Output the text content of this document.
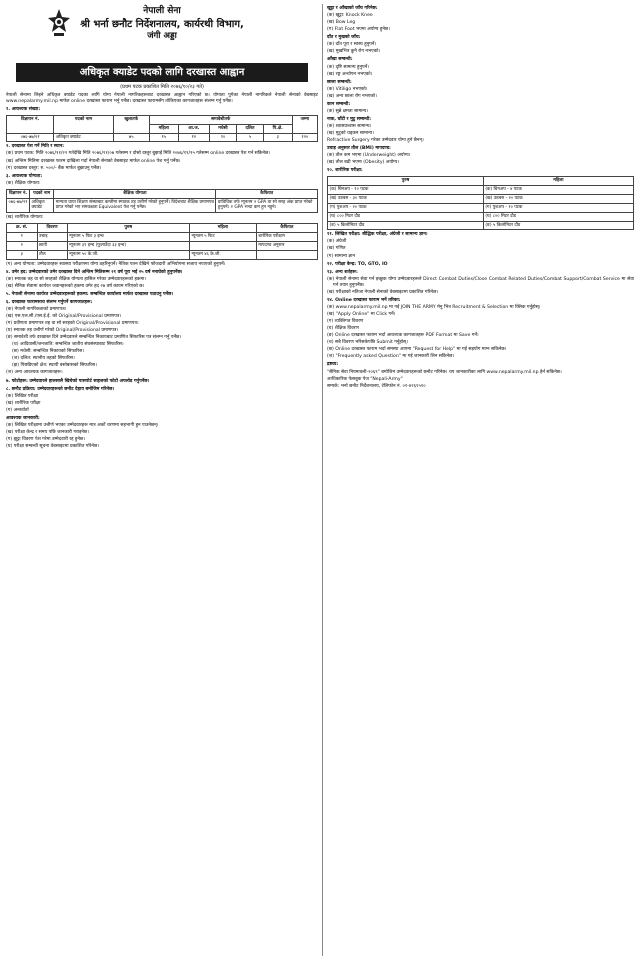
नेपाली सेना
श्री भर्ना छनौट निर्देशनालय, कार्यरथी विभाग,
जंगी अड्डा
अधिकृत क्याडेट पदको लागि दरखास्त आह्वान
(प्रथम पटक प्रकाशित मिति २०७६/१०/२३ गते)

नेपाली सेनामा लिइने अधिकृत क्याडेट पदका लागि योग्य नेपाली नागरिकहरूबाट दरखास्त आह्वान गरिएको छ। योग्यता पुगेका नेपाली नागरिकले नेपाली सेनाको वेबसाइट www.nepalarmy.mil.np मार्फत online दरखास्त फाराम भर्नु पर्नेछ। दरखास्त फारामसँग तोकिएका कागजातहरू संलग्न गर्नु पर्नेछ।

१. आवश्यक संख्या:

विज्ञापन नं.	पदको नाम	खुलातर्फ	समावेशीतर्फ					जम्मा
			महिला	आ.ज.	मधेसी	दलित	पि.क्षे.	
०७६-७७/२१	अधिकृत क्याडेट	७५	१५	१२	१०	५	३	१२०

२. दरखास्त पेश गर्ने मिति र स्थान:

(क) प्रथम पटक: मिति २०७६/११/२२ गतेदेखि मिति २०७६/११/०७ गतेसम्म र दोस्रो दस्तुर बुझाई मिति २०७६/११/१५ गतेसम्म online दरखास्त पेश गर्न सकिनेछ।

(ख) अन्तिम मितिमा दरखास्त फारम दाखिला गर्दा नेपाली सेनाको वेबसाइट मार्फत online पेश गर्नु पर्नेछ।

(ग) दरखास्त दस्तुर: रु. ५००/- बैंक मार्फत बुझाउनु पर्नेछ।

३. आवश्यक योग्यता:

(क) शैक्षिक योग्यता:

विज्ञापन नं.	पदको नाम	शैक्षिक योग्यता	कैफियत
०७६-७७/२१	अधिकृत क्याडेट	मान्यता प्राप्त शिक्षण संस्थाबाट कम्तीमा स्नातक तह उत्तीर्ण गरेको हुनुपर्ने। विदेशबाट शैक्षिक प्रमाणपत्र प्राप्त गरेको भए समकक्षता Equivalent पेश गर्नु पर्नेछ।	प्राविधिक तर्फ न्यूनतम २ GPA वा सो सरह अंक प्राप्त गरेको हुनुपर्ने। २ GPA भन्दा कम हुन नहुने।

(ख) शारीरिक योग्यता:

क्र. सं.	विवरण	पुरुष	महिला	कैफियत
१	उचाइ	न्यूनतम ५ फिट ३ इन्च	न्यूनतम ५ फिट	शारीरिक परीक्षण
२	छाती	न्यूनतम ३१ इन्च (फुलाउँदा ३३ इन्च)		मापदण्ड अनुसार
३	तौल	न्यूनतम ५० के.जी.	न्यूनतम ४६ के.जी.	

(ग) अन्य योग्यता: उम्मेदवारहरू स्वास्थ्य परीक्षणमा योग्य ठहरिनुपर्ने। नैतिक पतन देखिने फौजदारी अभियोगमा सजाय नपाएको हुनुपर्ने।

४. उमेर हद: उम्मेदवारको उमेर दरखास्त दिने अन्तिम मितिसम्म २१ वर्ष पूरा भई २५ वर्ष ननाघेको हुनुपर्नेछ।

(क) स्नातक तह वा सो सरहको शैक्षिक योग्यता हासिल गरेका उम्मेदवारहरूको हकमा।

(ख) सैनिक सेवामा कार्यरत जवानहरूको हकमा उमेर हद २७ वर्ष कायम गरिएको छ।

५. नेपाली सेनामा कार्यरत उम्मेदवारहरूको हकमा: सम्बन्धित कार्यालय मार्फत दरखास्त पठाउनु पर्नेछ।

६. दरखास्त फारामसाथ संलग्न गर्नुपर्ने कागजातहरू:

(क) नेपाली नागरिकताको प्रमाणपत्र।

(ख) एस.एल.सी./एस.ई.ई. को Original/Provisional प्रमाणपत्र।

(ग) प्रवीणता प्रमाणपत्र तह वा सो सरहको Original/Provisional प्रमाणपत्र।

(घ) स्नातक तह उत्तीर्ण गरेको Original/Provisional प्रमाणपत्र।

(ङ) समावेशी तर्फ दरखास्त दिने उम्मेदवारले सम्बन्धित निकायबाट प्रमाणित सिफारिस पत्र संलग्न गर्नु पर्नेछ।

(च) आदिवासी/जनजाति: सम्बन्धित जातीय संघसंस्थाबाट सिफारिस।

(छ) मधेसी: सम्बन्धित निकायको सिफारिस।

(ज) दलित: स्थानीय तहको सिफारिस।

(झ) पिछडिएको क्षेत्र: स्थायी बसोबासको सिफारिस।

(ञ) अन्य आवश्यक कागजातहरू।

७. फोटोहरू: उम्मेदवारले हालसालै खिचेको पासपोर्ट साइजको फोटो अपलोड गर्नुपर्नेछ।

८. छनौट प्रक्रिया: उम्मेदवारहरूको छनौट देहाय बमोजिम गरिनेछ।

(क) लिखित परीक्षा

(ख) शारीरिक परीक्षा

(ग) अन्तर्वार्ता

आवश्यक जानकारी:

(क) लिखित परीक्षामा उत्तीर्ण भएका उम्मेदवारहरू मात्र अर्को चरणमा सहभागी हुन पाउनेछन्।

(ख) परीक्षा केन्द्र र समय पछि जानकारी गराइनेछ।

(ग) झुट्टा विवरण पेश गरेमा उम्मेदवारी रद्द हुनेछ।

(घ) परीक्षा सम्बन्धी सूचना वेबसाइटमा प्रकाशित गरिनेछ।

खुट्टा र आँखाको जाँच गरिनेछ:

(क) खुट्टा: Knock Knee

(ख) Bow Leg

(ग) Flat Foot भएमा अयोग्य हुनेछ।

दाँत र मुखको जाँच:

(क) दाँत पूरा र स्वस्थ हुनुपर्ने।

(ख) मुखभित्र कुनै रोग नभएको।

आँखा सम्बन्धी:

(क) दृष्टि सामान्य हुनुपर्ने।

(ख) रङ्ग अन्धोपन नभएको।

छाला सम्बन्धी:

(क) Vitiligo नभएको।

(ख) अन्य छाला रोग नभएको।

कान सम्बन्धी:

(क) सुन्ने क्षमता सामान्य।

नाक, घाँटी र मुटु सम्बन्धी:

(क) श्वासप्रश्वास सामान्य।

(ख) मुटुको धड्कन सामान्य।

Refractive Surgery गरेका उम्मेदवार योग्य हुने छैनन्।

उचाइ अनुसार तौल (BMI) मापदण्ड:

(क) तौल कम भएमा (Underweight) अयोग्य।

(ख) तौल बढी भएमा (Obesity) अयोग्य।

१०. शारीरिक परीक्षा:

पुरुष	महिला
(क) चिनअप - १० पटक	(क) चिनअप - ४ पटक
(ख) उठबस - ३० पटक	(ख) उठबस - २० पटक
(ग) पुशअप - २० पटक	(ग) पुशअप - १० पटक
(घ) ८०० मिटर दौड	(घ) ८०० मिटर दौड
(ङ) ५ किलोमिटर दौड	(ङ) ५ किलोमिटर दौड

११. लिखित परीक्षा: बौद्धिक परीक्षा, अंग्रेजी र सामान्य ज्ञान।

(क) अंग्रेजी

(ख) गणित

(ग) सामान्य ज्ञान

१२. परीक्षा केन्द्र: TO, GTO, IO

१३. अन्य शर्तहरू:

(क) नेपाली सेनामा सेवा गर्न इच्छुक योग्य उम्मेदवारहरूले Direct Combat Duties/Close Combat Related Duties/Combat Support/Combat Service मा सेवा गर्न तयार हुनुपर्नेछ।

(ख) परीक्षाको नतिजा नेपाली सेनाको वेबसाइटमा प्रकाशित गरिनेछ।

१४. Online दरखास्त फाराम भर्ने तरिका:

(क) www.nepalarmy.mil.np मा गई JOIN THE ARMY मेनु भित्र Recruitment & Selection मा क्लिक गर्नुहोस्।

(ख) "Apply Online" मा Click गर्ने।

(ग) व्यक्तिगत विवरण

(घ) शैक्षिक विवरण

(ङ) Online दरखास्त फाराम भर्दा आवश्यक कागजातहरू PDF Format मा Save गर्ने।

(च) सबै विवरण भरिसकेपछि Submit गर्नुहोस्।

(छ) Online दरखास्त फाराम भर्दा समस्या आएमा "Request for Help" मा गई सहयोग माग्न सकिनेछ।

(ज) "Frequently asked Question" मा गई जानकारी लिन सकिनेछ।

द्रष्टव्य:

"सैनिक सेवा नियमावली-२०६९" बमोजिम उम्मेदवारहरूको छनौट गरिनेछ। थप जानकारीका लागि www.nepalarmy.mil.np हेर्न सकिनेछ।

आधिकारिक फेसबुक पेज "Nepali-Army"

सम्पर्क: भर्ना छनौट निर्देशनालय, टेलिफोन नं. ०१-४२६९५१०
